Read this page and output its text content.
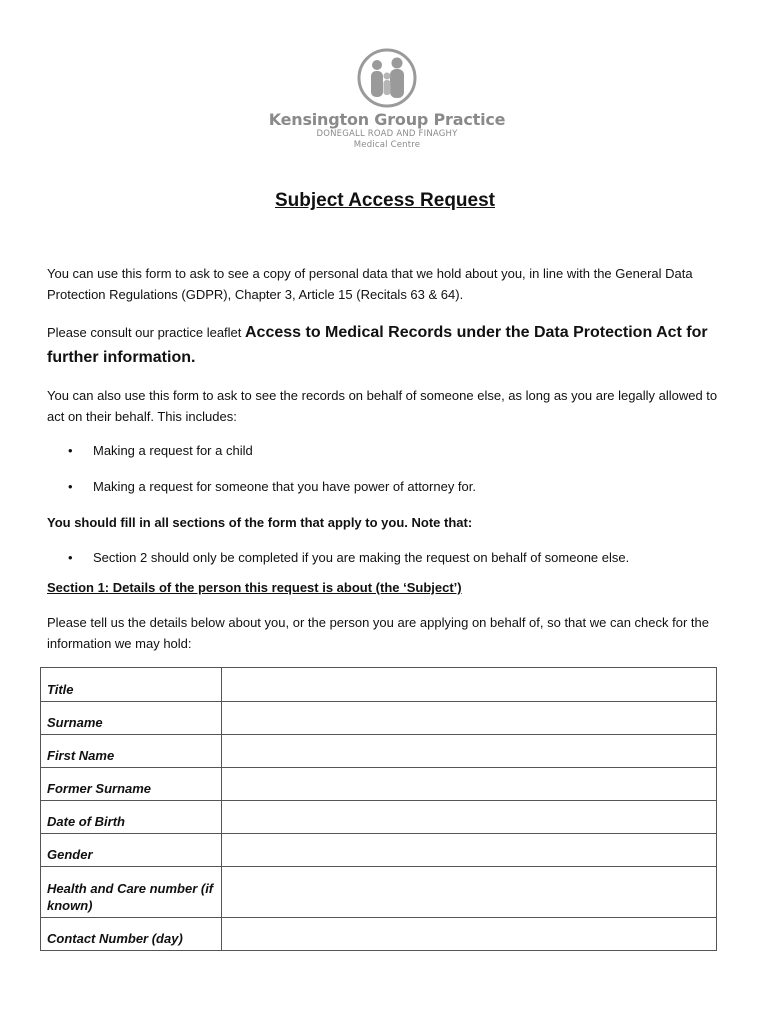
Kensington Group Practice
DONEGALL ROAD AND FINAGHY
Medical Centre
Subject Access Request

You can use this form to ask to see a copy of personal data that we hold about you, in line with the General Data Protection Regulations (GDPR), Chapter 3, Article 15 (Recitals 63 & 64).

Please consult our practice leaflet Access to Medical Records under the Data Protection Act for further information.

You can also use this form to ask to see the records on behalf of someone else, as long as you are legally allowed to act on their behalf. This includes:

• Making a request for a child
• Making a request for someone that you have power of attorney for.

You should fill in all sections of the form that apply to you. Note that:

• Section 2 should only be completed if you are making the request on behalf of someone else.

Section 1: Details of the person this request is about (the ‘Subject’)

Please tell us the details below about you, or the person you are applying on behalf of, so that we can check for the information we may hold:

Title	
Surname	
First Name	
Former Surname	
Date of Birth	
Gender	
Health and Care number (if known)	
Contact Number (day)	
